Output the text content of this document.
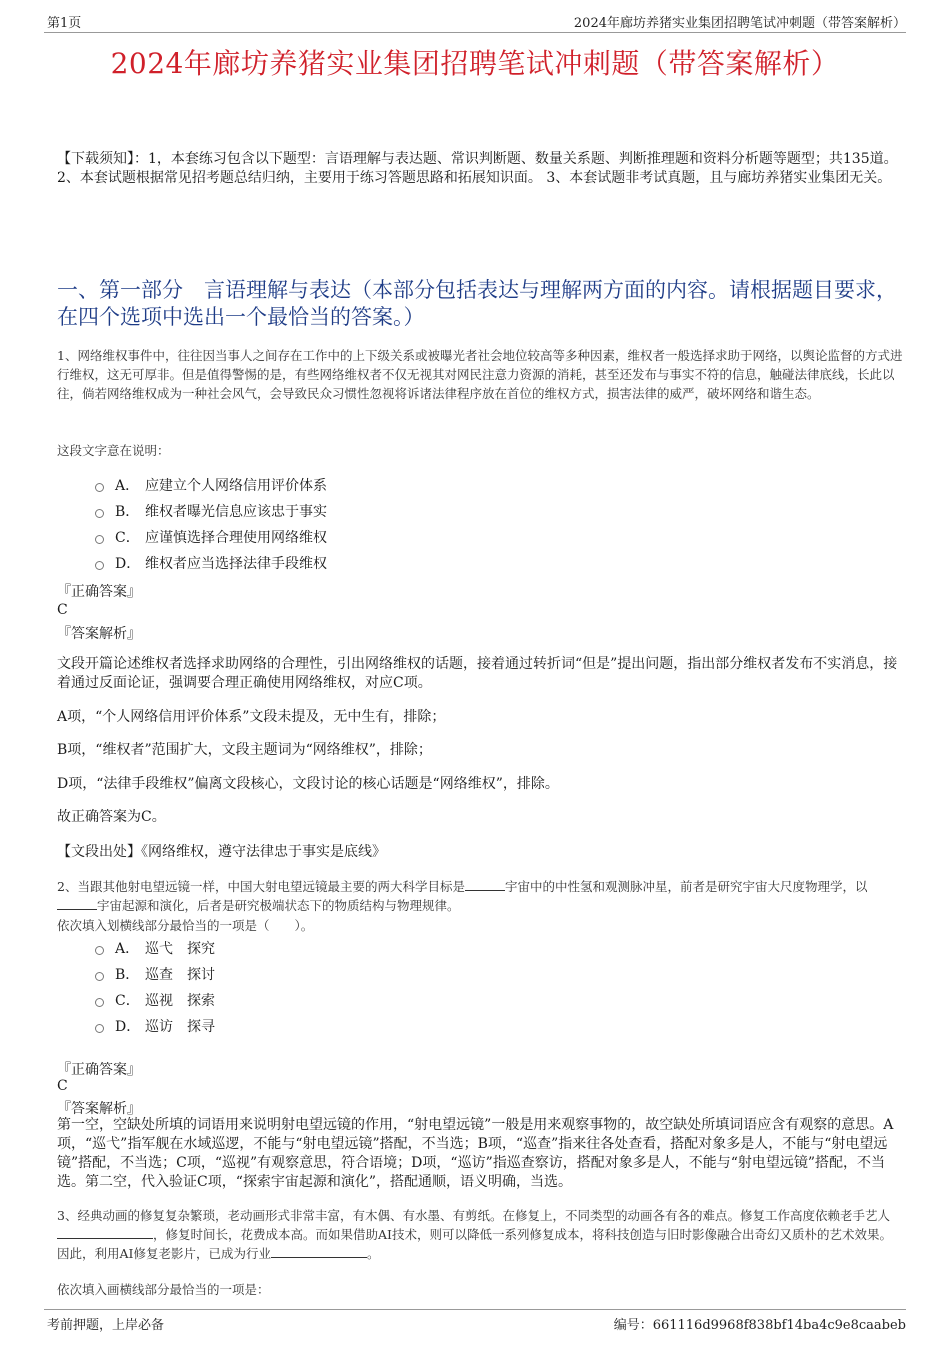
第1页	2024年廊坊养猪实业集团招聘笔试冲刺题（带答案解析）
2024年廊坊养猪实业集团招聘笔试冲刺题（带答案解析）
【下载须知】：1，本套练习包含以下题型：言语理解与表达题、常识判断题、数量关系题、判断推理题和资料分析题等题型；共135道。 2、本套试题根据常见招考题总结归纳，主要用于练习答题思路和拓展知识面。 3、本套试题非考试真题，且与廊坊养猪实业集团无关。
一、第一部分　言语理解与表达（本部分包括表达与理解两方面的内容。请根据题目要求，在四个选项中选出一个最恰当的答案。）
1、网络维权事件中，往往因当事人之间存在工作中的上下级关系或被曝光者社会地位较高等多种因素，维权者一般选择求助于网络，以舆论监督的方式进行维权，这无可厚非。但是值得警惕的是，有些网络维权者不仅无视其对网民注意力资源的消耗，甚至还发布与事实不符的信息，触碰法律底线，长此以往，倘若网络维权成为一种社会风气，会导致民众习惯性忽视将诉诸法律程序放在首位的维权方式，损害法律的威严，破坏网络和谐生态。
这段文字意在说明：
A． 应建立个人网络信用评价体系
B． 维权者曝光信息应该忠于事实
C． 应谨慎选择合理使用网络维权
D． 维权者应当选择法律手段维权
『正确答案』
C
『答案解析』
文段开篇论述维权者选择求助网络的合理性，引出网络维权的话题，接着通过转折词“但是”提出问题，指出部分维权者发布不实消息，接着通过反面论证，强调要合理正确使用网络维权，对应C项。
A项，“个人网络信用评价体系”文段未提及，无中生有，排除；
B项，“维权者”范围扩大，文段主题词为“网络维权”，排除；
D项，“法律手段维权”偏离文段核心，文段讨论的核心话题是“网络维权”，排除。
故正确答案为C。
【文段出处】《网络维权，遵守法律忠于事实是底线》
2、当跟其他射电望远镜一样，中国大射电望远镜最主要的两大科学目标是	宇宙中的中性氢和观测脉冲星，前者是研究宇宙大尺度物理学，以宇宙起源和演化，后者是研究极端状态下的物质结构与物理规律。
依次填入划横线部分最恰当的一项是（　　）。
A． 巡弋　探究
B． 巡查　探讨
C． 巡视　探索
D． 巡访　探寻
『正确答案』
C
『答案解析』
第一空，空缺处所填的词语用来说明射电望远镜的作用，“射电望远镜”一般是用来观察事物的，故空缺处所填词语应含有观察的意思。A项，“巡弋”指军舰在水域巡逻，不能与“射电望远镜”搭配，不当选；B项，“巡查”指来往各处查看，搭配对象多是人，不能与“射电望远镜”搭配，不当选；C项，“巡视”有观察意思，符合语境；D项，“巡访”指巡查察访，搭配对象多是人，不能与“射电望远镜”搭配，不当选。第二空，代入验证C项，“探索宇宙起源和演化”，搭配通顺，语义明确，当选。
3、经典动画的修复复杂繁琐，老动画形式非常丰富，有木偶、有水墨、有剪纸。在修复上，不同类型的动画各有各的难点。修复工作高度依赖老手艺人，修复时间长，花费成本高。而如果借助AI技术，则可以降低一系列修复成本，将科技创造与旧时影像融合出奇幻又质朴的艺术效果。因此，利用AI修复老影片，已成为行业	。
依次填入画横线部分最恰当的一项是：
考前押题，上岸必备	编号：661116d9968f838bf14ba4c9e8caabeb
